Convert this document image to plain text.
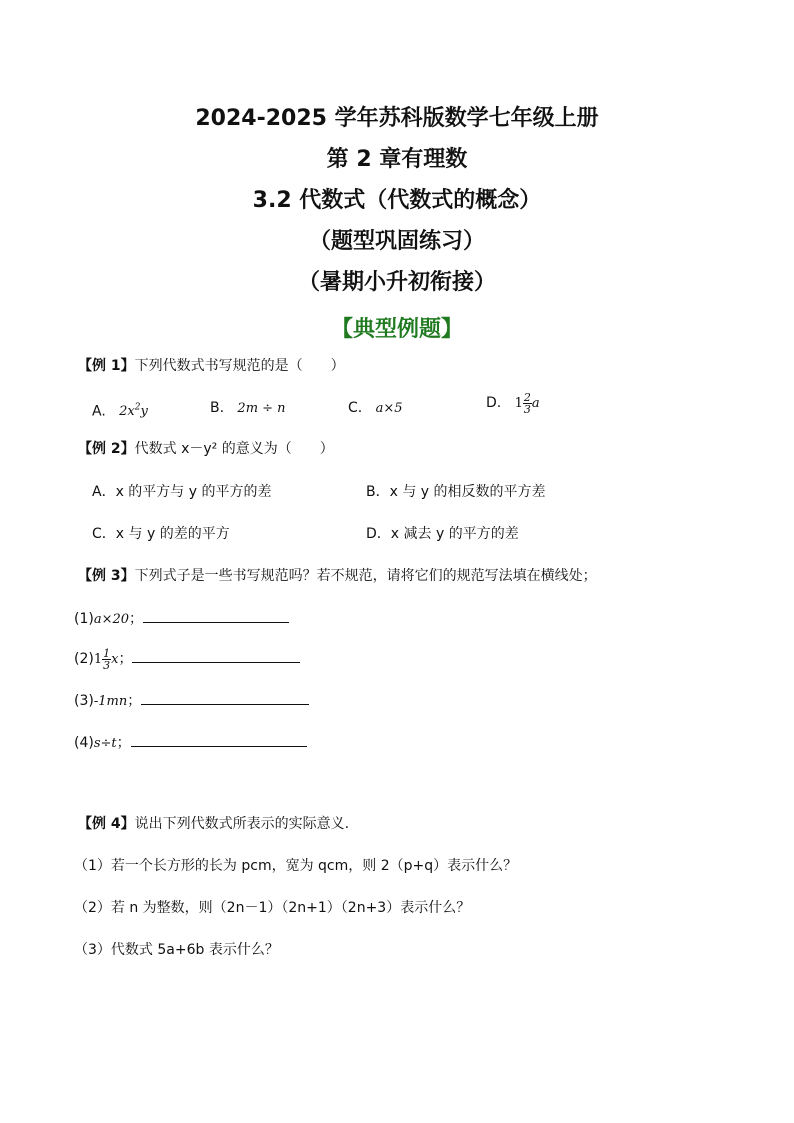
2024-2025 学年苏科版数学七年级上册

第 2 章有理数

3.2 代数式（代数式的概念）

（题型巩固练习）

（暑期小升初衔接）

【典型例题】
【例 1】下列代数式书写规范的是（　　）
A. $2x^2y$	B. 2m ÷ n	C. a×5	D. $1 \frac{2}{3}$ a
【例 2】代数式 x－y² 的意义为（　　）
A．x 的平方与 y 的平方的差	B．x 与 y 的相反数的平方差
C．x 与 y 的差的平方	D．x 减去 y 的平方的差
【例 3】下列式子是一些书写规范吗？若不规范，请将它们的规范写法填在横线处；
(1)a×20；
$(2)1 \frac{1}{3}$ x；
(3)-1mn；
(4)s÷t；
【例 4】说出下列代数式所表示的实际意义.
（1）若一个长方形的长为 pcm，宽为 qcm，则 2（p+q）表示什么？
（2）若 n 为整数，则（2n－1）（2n+1）（2n+3）表示什么？
（3）代数式 5a+6b 表示什么？
